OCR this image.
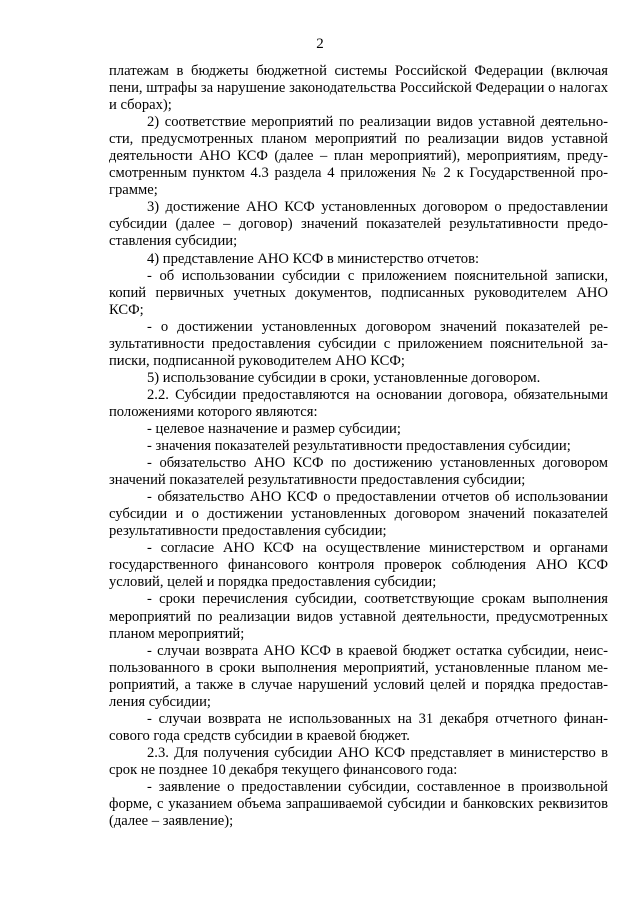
2

платежам в бюджеты бюджетной системы Российской Федерации (включая пени, штрафы за нарушение законодательства Российской Федерации о налогах и сборах);

2) соответствие мероприятий по реализации видов уставной деятельности, предусмотренных планом мероприятий по реализации видов уставной деятельности АНО КСФ (далее – план мероприятий), мероприятиям, предусмотренным пунктом 4.3 раздела 4 приложения № 2 к Государственной программе;

3) достижение АНО КСФ установленных договором о предоставлении субсидии (далее – договор) значений показателей результативности предоставления субсидии;

4) представление АНО КСФ в министерство отчетов:

- об использовании субсидии с приложением пояснительной записки, копий первичных учетных документов, подписанных руководителем АНО КСФ;

- о достижении установленных договором значений показателей результативности предоставления субсидии с приложением пояснительной записки, подписанной руководителем АНО КСФ;

5) использование субсидии в сроки, установленные договором.

2.2. Субсидии предоставляются на основании договора, обязательными положениями которого являются:

- целевое назначение и размер субсидии;

- значения показателей результативности предоставления субсидии;

- обязательство АНО КСФ по достижению установленных договором значений показателей результативности предоставления субсидии;

- обязательство АНО КСФ о предоставлении отчетов об использовании субсидии и о достижении установленных договором значений показателей результативности предоставления субсидии;

- согласие АНО КСФ на осуществление министерством и органами государственного финансового контроля проверок соблюдения АНО КСФ условий, целей и порядка предоставления субсидии;

- сроки перечисления субсидии, соответствующие срокам выполнения мероприятий по реализации видов уставной деятельности, предусмотренных планом мероприятий;

- случаи возврата АНО КСФ в краевой бюджет остатка субсидии, неиспользованного в сроки выполнения мероприятий, установленные планом мероприятий, а также в случае нарушений условий целей и порядка предоставления субсидии;

- случаи возврата не использованных на 31 декабря отчетного финансового года средств субсидии в краевой бюджет.

2.3. Для получения субсидии АНО КСФ представляет в министерство в срок не позднее 10 декабря текущего финансового года:

- заявление о предоставлении субсидии, составленное в произвольной форме, с указанием объема запрашиваемой субсидии и банковских реквизитов (далее – заявление);
